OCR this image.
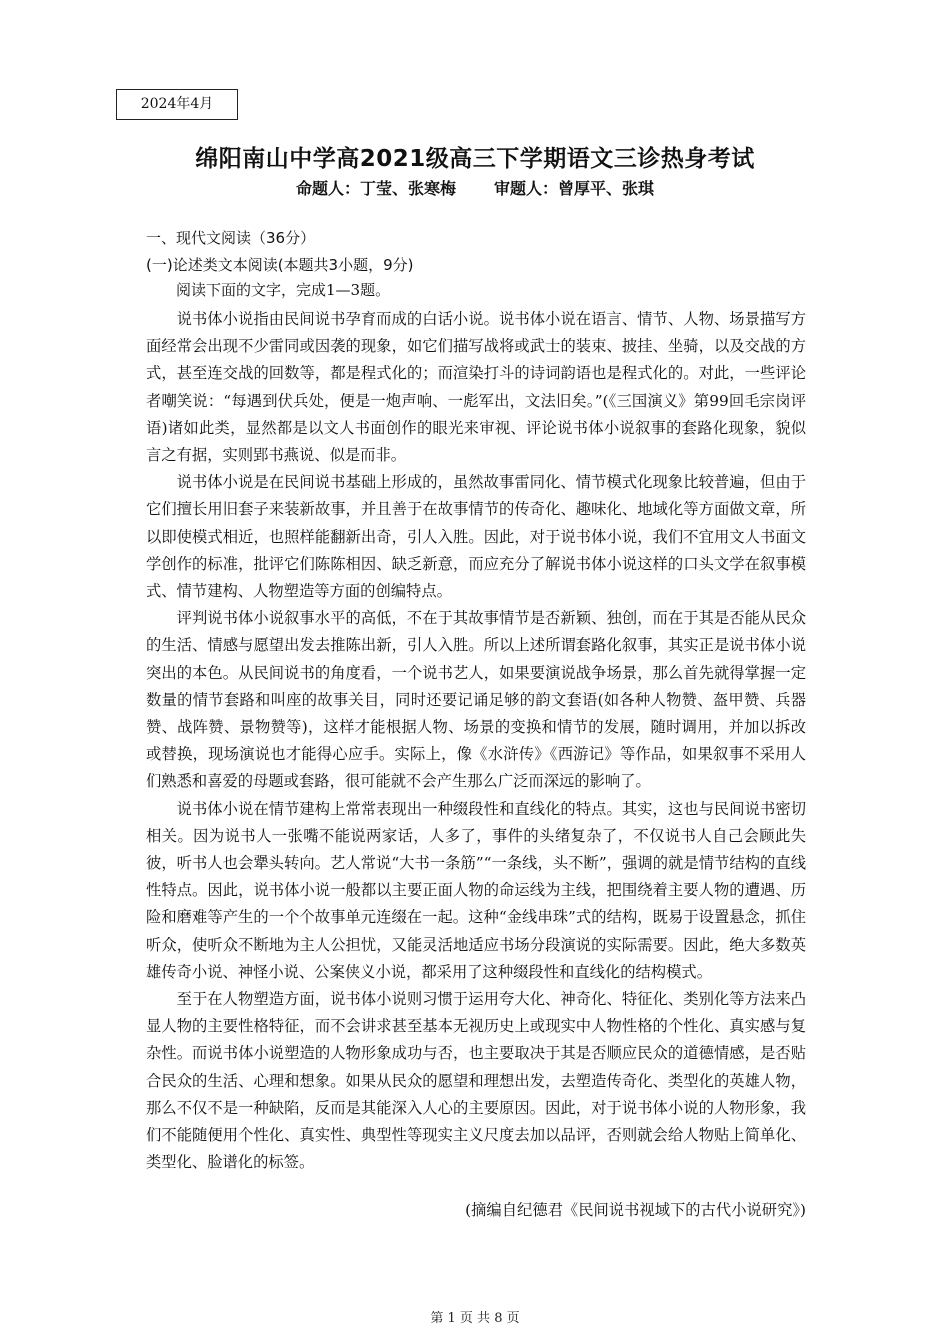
2024年4月
绵阳南山中学高2021级高三下学期语文三诊热身考试
命题人：丁莹、张寒梅 审题人：曾厚平、张琪
一、现代文阅读（36分）
(一)论述类文本阅读(本题共3小题，9分)
阅读下面的文字，完成1—3题。

说书体小说指由民间说书孕育而成的白话小说。说书体小说在语言、情节、人物、场景描写方面经常会出现不少雷同或因袭的现象，如它们描写战将或武士的装束、披挂、坐骑，以及交战的方式，甚至连交战的回数等，都是程式化的；而渲染打斗的诗词韵语也是程式化的。对此，一些评论者嘲笑说：“每遇到伏兵处，便是一炮声响、一彪军出，文法旧矣。”(《三国演义》第99回毛宗岗评语)诸如此类，显然都是以文人书面创作的眼光来审视、评论说书体小说叙事的套路化现象，貌似言之有据，实则郢书燕说、似是而非。

说书体小说是在民间说书基础上形成的，虽然故事雷同化、情节模式化现象比较普遍，但由于它们擅长用旧套子来装新故事，并且善于在故事情节的传奇化、趣味化、地域化等方面做文章，所以即使模式相近，也照样能翻新出奇，引人入胜。因此，对于说书体小说，我们不宜用文人书面文学创作的标准，批评它们陈陈相因、缺乏新意，而应充分了解说书体小说这样的口头文学在叙事模式、情节建构、人物塑造等方面的创编特点。

评判说书体小说叙事水平的高低，不在于其故事情节是否新颖、独创，而在于其是否能从民众的生活、情感与愿望出发去推陈出新，引人入胜。所以上述所谓套路化叙事，其实正是说书体小说突出的本色。从民间说书的角度看，一个说书艺人，如果要演说战争场景，那么首先就得掌握一定数量的情节套路和叫座的故事关目，同时还要记诵足够的韵文套语(如各种人物赞、盔甲赞、兵器赞、战阵赞、景物赞等)，这样才能根据人物、场景的变换和情节的发展，随时调用，并加以拆改或替换，现场演说也才能得心应手。实际上，像《水浒传》《西游记》等作品，如果叙事不采用人们熟悉和喜爱的母题或套路，很可能就不会产生那么广泛而深远的影响了。

说书体小说在情节建构上常常表现出一种缀段性和直线化的特点。其实，这也与民间说书密切相关。因为说书人一张嘴不能说两家话，人多了，事件的头绪复杂了，不仅说书人自己会顾此失彼，听书人也会犟头转向。艺人常说“大书一条筋”“一条线，头不断”，强调的就是情节结构的直线性特点。因此，说书体小说一般都以主要正面人物的命运线为主线，把围绕着主要人物的遭遇、历险和磨难等产生的一个个故事单元连缀在一起。这种“金线串珠”式的结构，既易于设置悬念，抓住听众，使听众不断地为主人公担忧，又能灵活地适应书场分段演说的实际需要。因此，绝大多数英雄传奇小说、神怪小说、公案侠义小说，都采用了这种缀段性和直线化的结构模式。

至于在人物塑造方面，说书体小说则习惯于运用夸大化、神奇化、特征化、类别化等方法来凸显人物的主要性格特征，而不会讲求甚至基本无视历史上或现实中人物性格的个性化、真实感与复杂性。而说书体小说塑造的人物形象成功与否，也主要取决于其是否顺应民众的道德情感，是否贴合民众的生活、心理和想象。如果从民众的愿望和理想出发，去塑造传奇化、类型化的英雄人物，那么不仅不是一种缺陷，反而是其能深入人心的主要原因。因此，对于说书体小说的人物形象，我们不能随便用个性化、真实性、典型性等现实主义尺度去加以品评，否则就会给人物贴上简单化、类型化、脸谱化的标签。

(摘编自纪德君《民间说书视域下的古代小说研究》)
第 1 页 共 8 页
